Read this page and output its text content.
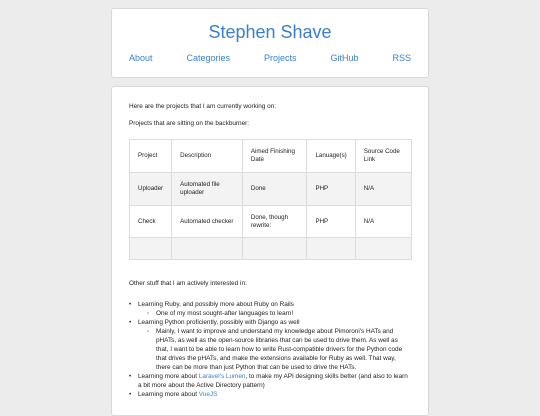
Stephen Shave
About	Categories	Projects	GitHub	RSS

Here are the projects that I am currently working on:

Projects that are sitting on the backburner:

Project	Description	Aimed Finishing Date	Lanuage(s)	Source Code Link
Uploader	Automated file uploader	Done	PHP	N/A
Check	Automated checker	Done, though rewrite:	PHP	N/A

Other stuff that I am actively interested in:

• Learning Ruby, and possibly more about Ruby on Rails
◦ One of my most sought-after languages to learn!
• Learning Python proficiently, possibly with Django as well
◦ Mainly, I want to improve and understand my knowledge about Pimoroni's HATs and pHATs, as well as the open-source libraries that can be used to drive them. As well as that, I want to be able to learn how to write Rust-compatible drivers for the Python code that drives the pHATs, and make the extensions available for Ruby as well. That way, there can be more than just Python that can be used to drive the HATs.
• Learning more about Laravel's Lumen, to make my API designing skills better (and also to learn a bit more about the Active Directory pattern)
• Learning more about VueJS
